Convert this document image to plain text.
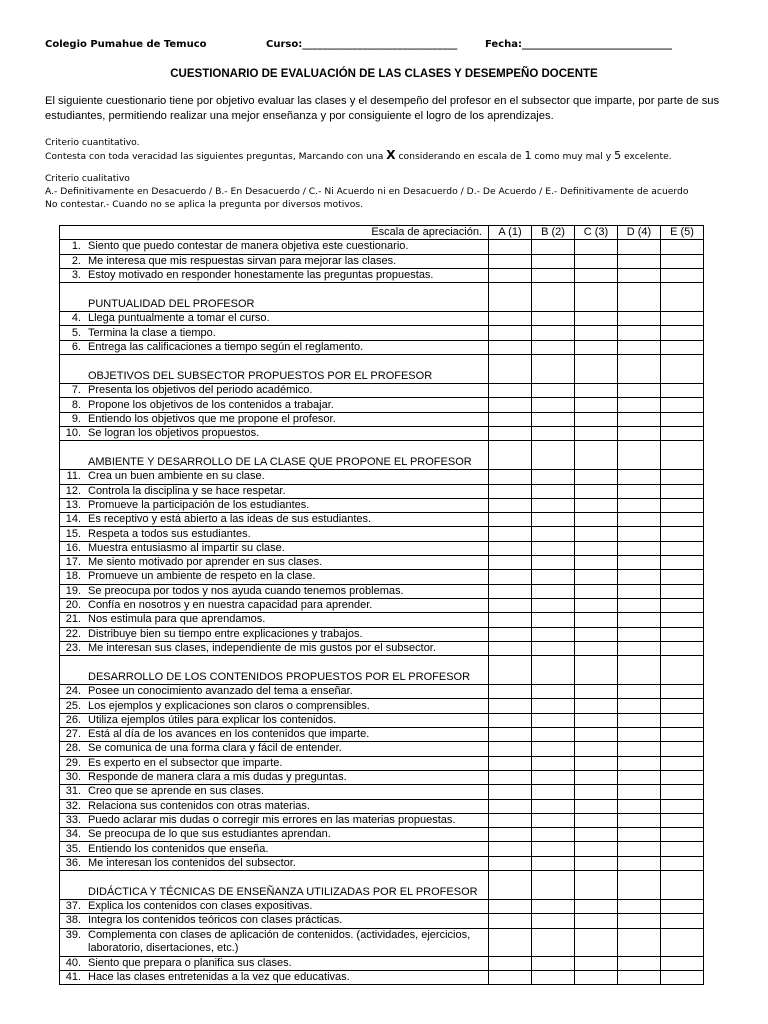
Colegio Pumahue de Temuco	Curso:_______________________________	Fecha:______________________________
CUESTIONARIO DE EVALUACIÓN DE LAS CLASES Y DESEMPEÑO DOCENTE
El siguiente cuestionario tiene por objetivo evaluar las clases y el desempeño del profesor en el subsector que imparte, por parte de sus estudiantes, permitiendo realizar una mejor enseñanza y por consiguiente el logro de los aprendizajes.
Criterio cuantitativo.
Contesta con toda veracidad las siguientes preguntas, Marcando con una X considerando en escala de 1 como muy mal y 5 excelente.
Criterio cualitativo
A.- Definitivamente en Desacuerdo / B.- En Desacuerdo / C.- Ni Acuerdo ni en Desacuerdo / D.- De Acuerdo / E.- Definitivamente de acuerdo
No contestar.- Cuando no se aplica la pregunta por diversos motivos.
Escala de apreciación.		A (1)	B (2)	C (3)	D (4)	E (5)
1.	Siento que puedo contestar de manera objetiva este cuestionario.					
2.	Me interesa que mis respuestas sirvan para mejorar las clases.					
3.	Estoy motivado en responder honestamente las preguntas propuestas.					
PUNTUALIDAD DEL PROFESOR						
4.	Llega puntualmente a tomar el curso.					
5.	Termina la clase a tiempo.					
6.	Entrega las calificaciones a tiempo según el reglamento.					
OBJETIVOS DEL SUBSECTOR PROPUESTOS POR EL PROFESOR						
7.	Presenta los objetivos del periodo académico.					
8.	Propone los objetivos de los contenidos a trabajar.					
9.	Entiendo los objetivos que me propone el profesor.					
10.	Se logran los objetivos propuestos.					
AMBIENTE Y DESARROLLO DE LA CLASE QUE PROPONE EL PROFESOR						
11.	Crea un buen ambiente en su clase.					
12.	Controla la disciplina y se hace respetar.					
13.	Promueve la participación de los estudiantes.					
14.	Es receptivo y está abierto a las ideas de sus estudiantes.					
15.	Respeta a todos sus estudiantes.					
16.	Muestra entusiasmo al impartir su clase.					
17.	Me siento motivado por aprender en sus clases.					
18.	Promueve un ambiente de respeto en la clase.					
19.	Se preocupa por todos y nos ayuda cuando tenemos problemas.					
20.	Confía en nosotros y en nuestra capacidad para aprender.					
21.	Nos estimula para que aprendamos.					
22.	Distribuye bien su tiempo entre explicaciones y trabajos.					
23.	Me interesan sus clases, independiente de mis gustos por el subsector.					
DESARROLLO DE LOS CONTENIDOS PROPUESTOS POR EL PROFESOR						
24.	Posee un conocimiento avanzado del tema a enseñar.					
25.	Los ejemplos y explicaciones son claros o comprensibles.					
26.	Utiliza ejemplos útiles para explicar los contenidos.					
27.	Está al día de los avances en los contenidos que imparte.					
28.	Se comunica de una forma clara y fácil de entender.					
29.	Es experto en el subsector que imparte.					
30.	Responde de manera clara a mis dudas y preguntas.					
31.	Creo que se aprende en sus clases.					
32.	Relaciona sus contenidos con otras materias.					
33.	Puedo aclarar mis dudas o corregir mis errores en las materias propuestas.					
34.	Se preocupa de lo que sus estudiantes aprendan.					
35.	Entiendo los contenidos que enseña.					
36.	Me interesan los contenidos del subsector.					
DIDÁCTICA Y TÉCNICAS DE ENSEÑANZA UTILIZADAS POR EL PROFESOR						
37.	Explica los contenidos con clases expositivas.					
38.	Integra los contenidos teóricos con clases prácticas.					
39.	Complementa con clases de aplicación de contenidos. (actividades, ejercicios, laboratorio, disertaciones, etc.)					
40.	Siento que prepara o planifica sus clases.					
41.	Hace las clases entretenidas a la vez que educativas.					
